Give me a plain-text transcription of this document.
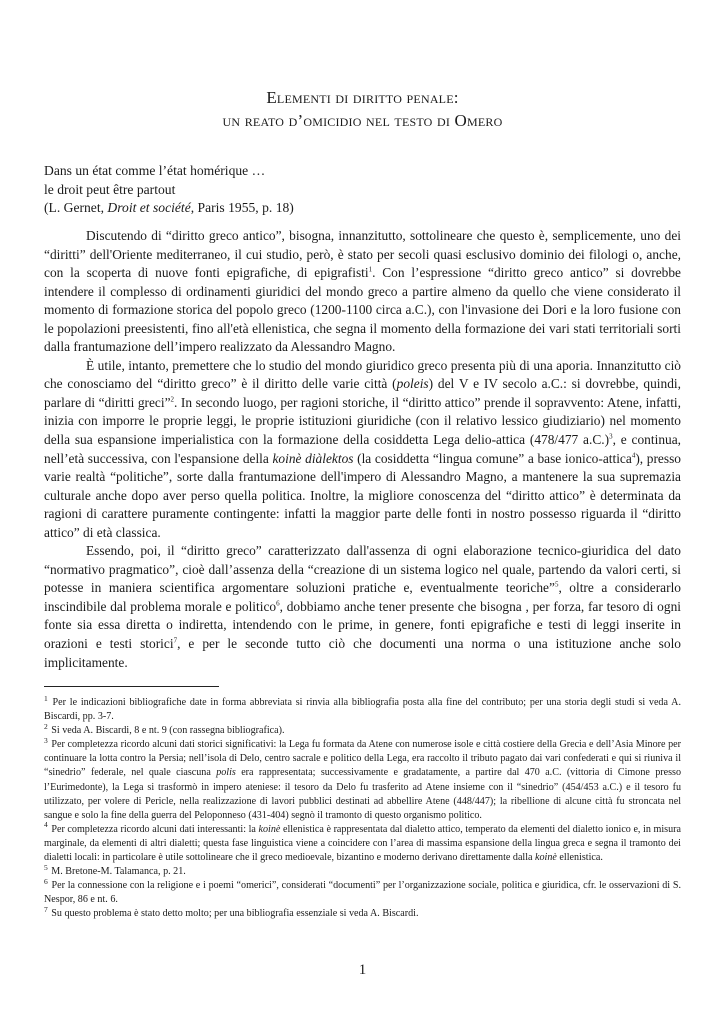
Elementi di diritto penale:
un reato d’omicidio nel testo di Omero
Dans un état comme l’état homérique …
le droit peut être partout
(L. Gernet, Droit et société, Paris 1955, p. 18)

Discutendo di “diritto greco antico”, bisogna, innanzitutto, sottolineare che questo è, semplicemente, uno dei “diritti” dell'Oriente mediterraneo, il cui studio, però, è stato per secoli quasi esclusivo dominio dei filologi o, anche, con la scoperta di nuove fonti epigrafiche, di epigrafisti$^1$. Con l’espressione “diritto greco antico” si dovrebbe intendere il complesso di ordinamenti giuridici del mondo greco a partire almeno da quello che viene considerato il momento di formazione storica del popolo greco (1200-1100 circa a.C.), con l'invasione dei Dori e la loro fusione con le popolazioni preesistenti, fino all'età ellenistica, che segna il momento della formazione dei vari stati territoriali sorti dalla frantumazione dell’impero realizzato da Alessandro Magno.

È utile, intanto, premettere che lo studio del mondo giuridico greco presenta più di una aporia. Innanzitutto ciò che conosciamo del “diritto greco” è il diritto delle varie città (poleis) del V e IV secolo a.C.: si dovrebbe, quindi, parlare di “diritti greci”$^2$. In secondo luogo, per ragioni storiche, il “diritto attico” prende il sopravvento: Atene, infatti, inizia con imporre le proprie leggi, le proprie istituzioni giuridiche (con il relativo lessico giudiziario) nel momento della sua espansione imperialistica con la formazione della cosiddetta Lega delio-attica (478/477 a.C.)$^3$, e continua, nell’età successiva, con l'espansione della koinè diàlektos (la cosiddetta “lingua comune” a base ionico-attica$^4$), presso varie realtà “politiche”, sorte dalla frantumazione dell'impero di Alessandro Magno, a mantenere la sua supremazia culturale anche dopo aver perso quella politica. Inoltre, la migliore conoscenza del “diritto attico” è determinata da ragioni di carattere puramente contingente: infatti la maggior parte delle fonti in nostro possesso riguarda il “diritto attico” di età classica.

Essendo, poi, il “diritto greco” caratterizzato dall'assenza di ogni elaborazione tecnico-giuridica del dato “normativo pragmatico”, cioè dall’assenza della “creazione di un sistema logico nel quale, partendo da valori certi, si potesse in maniera scientifica argomentare soluzioni pratiche e, eventualmente teoriche”$^5$, oltre a considerarlo inscindibile dal problema morale e politico$^6$, dobbiamo anche tener presente che bisogna , per forza, far tesoro di ogni fonte sia essa diretta o indiretta, intendendo con le prime, in genere, fonti epigrafiche e testi di leggi inserite in orazioni e testi storici$^7$, e per le seconde tutto ciò che documenti una norma o una istituzione anche solo implicitamente.

$^1$ Per le indicazioni bibliografiche date in forma abbreviata si rinvia alla bibliografia posta alla fine del contributo; per una storia degli studi si veda A. Biscardi, pp. 3-7.

$^2$ Si veda A. Biscardi, 8 e nt. 9 (con rassegna bibliografica).

$^3$ Per completezza ricordo alcuni dati storici significativi: la Lega fu formata da Atene con numerose isole e città costiere della Grecia e dell’Asia Minore per continuare la lotta contro la Persia; nell’isola di Delo, centro sacrale e politico della Lega, era raccolto il tributo pagato dai vari confederati e qui si riuniva il “sinedrio” federale, nel quale ciascuna polis era rappresentata; successivamente e gradatamente, a partire dal 470 a.C. (vittoria di Cimone presso l’Eurimedonte), la Lega si trasformò in impero ateniese: il tesoro da Delo fu trasferito ad Atene insieme con il “sinedrio” (454/453 a.C.) e il tesoro fu utilizzato, per volere di Pericle, nella realizzazione di lavori pubblici destinati ad abbellire Atene (448/447); la ribellione di alcune città fu stroncata nel sangue e solo la fine della guerra del Peloponneso (431-404) segnò il tramonto di questo organismo politico.

$^4$ Per completezza ricordo alcuni dati interessanti: la koinè ellenistica è rappresentata dal dialetto attico, temperato da elementi del dialetto ionico e, in misura marginale, da elementi di altri dialetti; questa fase linguistica viene a coincidere con l’area di massima espansione della lingua greca e segna il tramonto dei dialetti locali: in particolare è utile sottolineare che il greco medioevale, bizantino e moderno derivano direttamente dalla koinè ellenistica.

$^5$ M. Bretone-M. Talamanca, p. 21.

$^6$ Per la connessione con la religione e i poemi “omerici”, considerati “documenti” per l’organizzazione sociale, politica e giuridica, cfr. le osservazioni di S. Nespor, 86 e nt. 6.

$^7$ Su questo problema è stato detto molto; per una bibliografia essenziale si veda A. Biscardi.

1
